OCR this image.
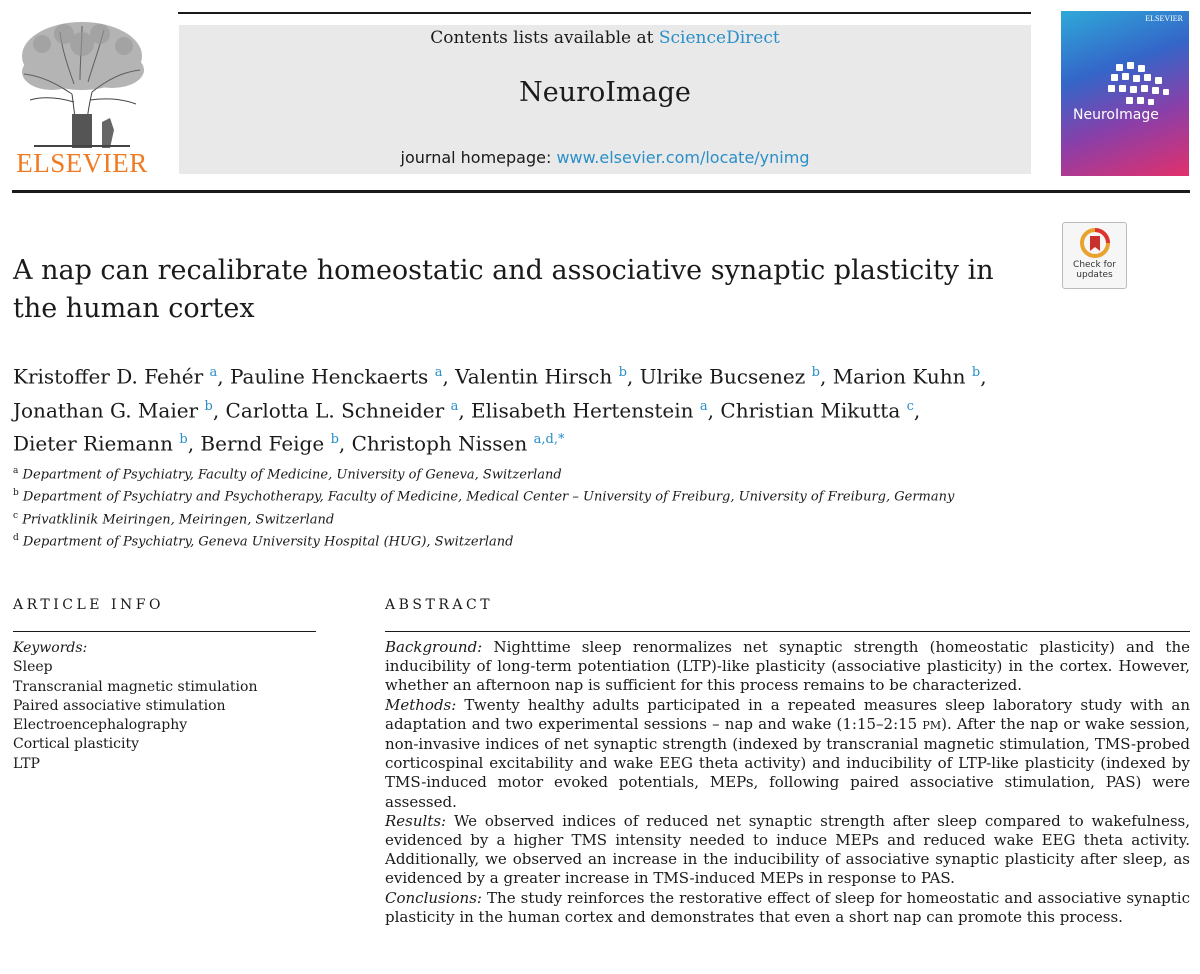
ELSEVIER
Contents lists available at ScienceDirect
NeuroImage
journal homepage: www.elsevier.com/locate/ynimg
ELSEVIER
NeuroImage
Check for
updates
A nap can recalibrate homeostatic and associative synaptic plasticity in the human cortex
Kristoffer D. Fehér $^a$, Pauline Henckaerts $^a$, Valentin Hirsch $^b$, Ulrike Bucsenez $^b$, Marion Kuhn $^b$,
Jonathan G. Maier $^b$, Carlotta L. Schneider $^a$, Elisabeth Hertenstein $^a$, Christian Mikutta $^c$,
Dieter Riemann $^b$, Bernd Feige $^b$, Christoph Nissen $^{a,d,*}$
$^a$ Department of Psychiatry, Faculty of Medicine, University of Geneva, Switzerland
$^b$ Department of Psychiatry and Psychotherapy, Faculty of Medicine, Medical Center – University of Freiburg, University of Freiburg, Germany
$^c$ Privatklinik Meiringen, Meiringen, Switzerland
$^d$ Department of Psychiatry, Geneva University Hospital (HUG), Switzerland
ARTICLE INFO
Keywords:
Sleep
Transcranial magnetic stimulation
Paired associative stimulation
Electroencephalography
Cortical plasticity
LTP
ABSTRACT

Background: Nighttime sleep renormalizes net synaptic strength (homeostatic plasticity) and the inducibility of long-term potentiation (LTP)-like plasticity (associative plasticity) in the cortex. However, whether an afternoon nap is sufficient for this process remains to be characterized.

Methods: Twenty healthy adults participated in a repeated measures sleep laboratory study with an adaptation and two experimental sessions – nap and wake (1:15–2:15 PM). After the nap or wake session, non-invasive indices of net synaptic strength (indexed by transcranial magnetic stimulation, TMS-probed corticospinal excitability and wake EEG theta activity) and inducibility of LTP-like plasticity (indexed by TMS-induced motor evoked potentials, MEPs, following paired associative stimulation, PAS) were assessed.

Results: We observed indices of reduced net synaptic strength after sleep compared to wakefulness, evidenced by a higher TMS intensity needed to induce MEPs and reduced wake EEG theta activity. Additionally, we observed an increase in the inducibility of associative synaptic plasticity after sleep, as evidenced by a greater increase in TMS-induced MEPs in response to PAS.

Conclusions: The study reinforces the restorative effect of sleep for homeostatic and associative synaptic plasticity in the human cortex and demonstrates that even a short nap can promote this process.
